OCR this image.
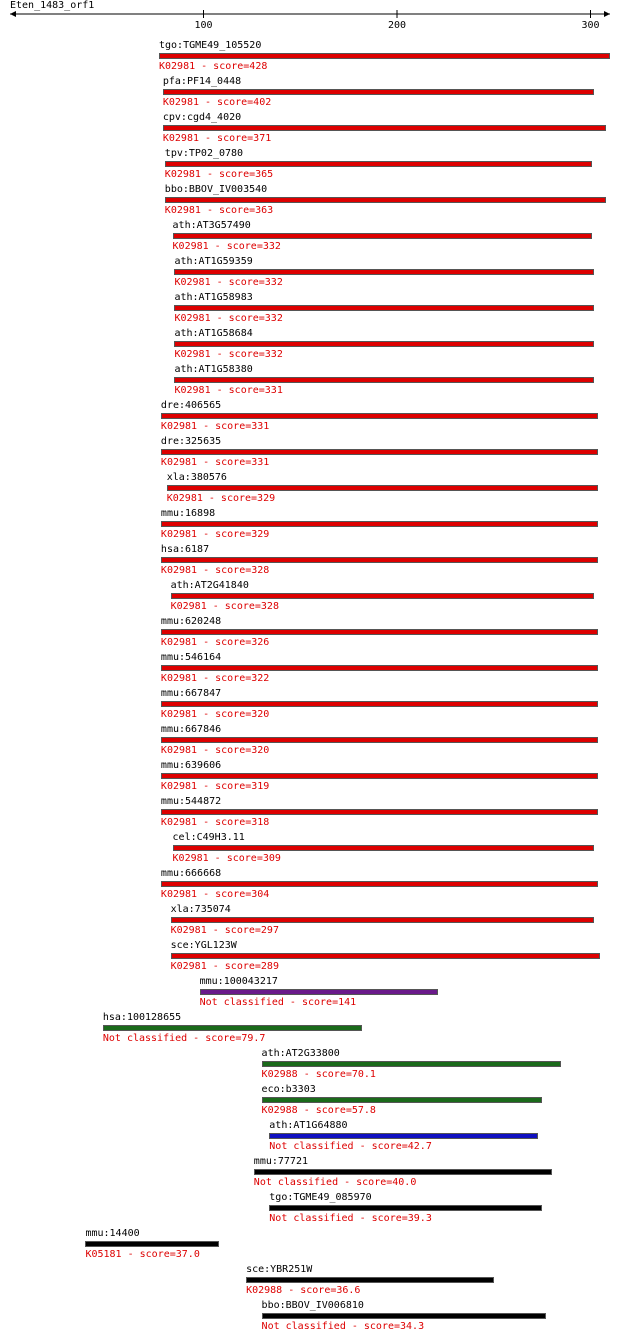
Eten_1483_orf1
100	200	300
tgo:TGME49_105520
K02981 - score=428
pfa:PF14_0448
K02981 - score=402
cpv:cgd4_4020
K02981 - score=371
tpv:TP02_0780
K02981 - score=365
bbo:BBOV_IV003540
K02981 - score=363
ath:AT3G57490
K02981 - score=332
ath:AT1G59359
K02981 - score=332
ath:AT1G58983
K02981 - score=332
ath:AT1G58684
K02981 - score=332
ath:AT1G58380
K02981 - score=331
dre:406565
K02981 - score=331
dre:325635
K02981 - score=331
xla:380576
K02981 - score=329
mmu:16898
K02981 - score=329
hsa:6187
K02981 - score=328
ath:AT2G41840
K02981 - score=328
mmu:620248
K02981 - score=326
mmu:546164
K02981 - score=322
mmu:667847
K02981 - score=320
mmu:667846
K02981 - score=320
mmu:639606
K02981 - score=319
mmu:544872
K02981 - score=318
cel:C49H3.11
K02981 - score=309
mmu:666668
K02981 - score=304
xla:735074
K02981 - score=297
sce:YGL123W
K02981 - score=289
mmu:100043217
Not classified - score=141
hsa:100128655
Not classified - score=79.7
ath:AT2G33800
K02988 - score=70.1
eco:b3303
K02988 - score=57.8
ath:AT1G64880
Not classified - score=42.7
mmu:77721
Not classified - score=40.0
tgo:TGME49_085970
Not classified - score=39.3
mmu:14400
K05181 - score=37.0
sce:YBR251W
K02988 - score=36.6
bbo:BBOV_IV006810
Not classified - score=34.3
